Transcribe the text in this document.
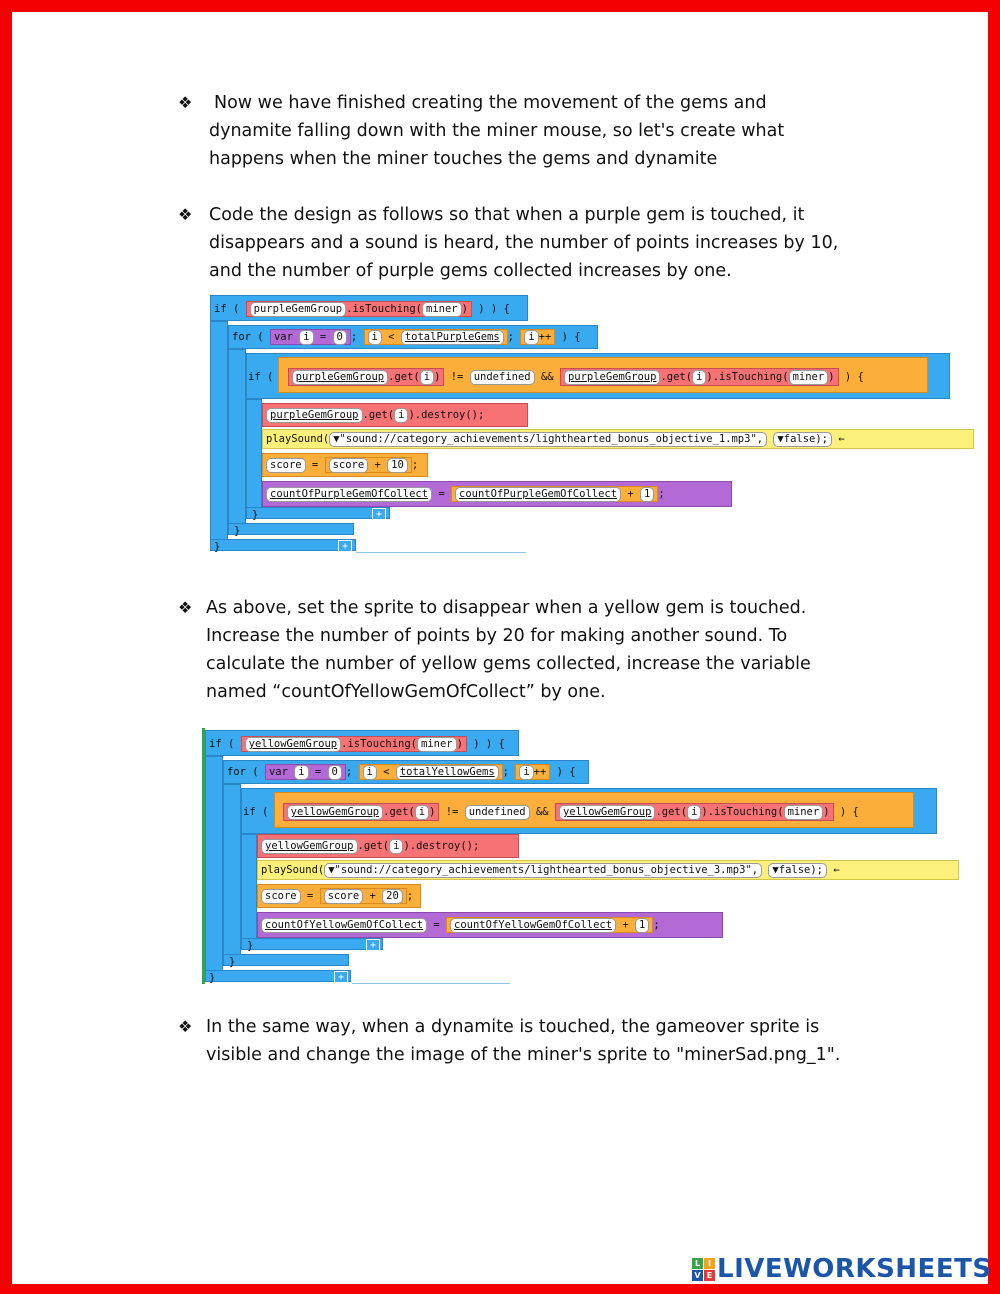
❖ Now we have finished creating the movement of the gems and
dynamite falling down with the miner mouse, so let's create what
happens when the miner touches the gems and dynamite
❖ Code the design as follows so that when a purple gem is touched, it
disappears and a sound is heard, the number of points increases by 10,
and the number of purple gems collected increases by one.
if ( purpleGemGroup .isTouching( miner ) ) ) {
for ( var i = 0 ; i < totalPurpleGems ; i ++ ) {
if ( purpleGemGroup .get( i ) != undefined && purpleGemGroup .get( i ).isTouching( miner ) ) {
purpleGemGroup .get( i ).destroy();
playSound( ▼"sound://category_achievements/lighthearted_bonus_objective_1.mp3", ▼false); ←
score = score + 10 ;
countOfPurpleGemOfCollect = countOfPurpleGemOfCollect + 1 ;
}	+
}
}	+
❖ As above, set the sprite to disappear when a yellow gem is touched.
Increase the number of points by 20 for making another sound. To
calculate the number of yellow gems collected, increase the variable
named “countOfYellowGemOfCollect” by one.
if ( yellowGemGroup .isTouching( miner ) ) ) {
for ( var i = 0 ; i < totalYellowGems ; i ++ ) {
if ( yellowGemGroup .get( i ) != undefined && yellowGemGroup .get( i ).isTouching( miner ) ) {
yellowGemGroup .get( i ).destroy();
playSound( ▼"sound://category_achievements/lighthearted_bonus_objective_3.mp3", ▼false); ←
score = score + 20 ;
countOfYellowGemOfCollect = countOfYellowGemOfCollect + 1 ;
}	+
}
}	+
❖ In the same way, when a dynamite is touched, the gameover sprite is
visible and change the image of the miner's sprite to "minerSad.png_1".
L I
V E LIVEWORKSHEETS
